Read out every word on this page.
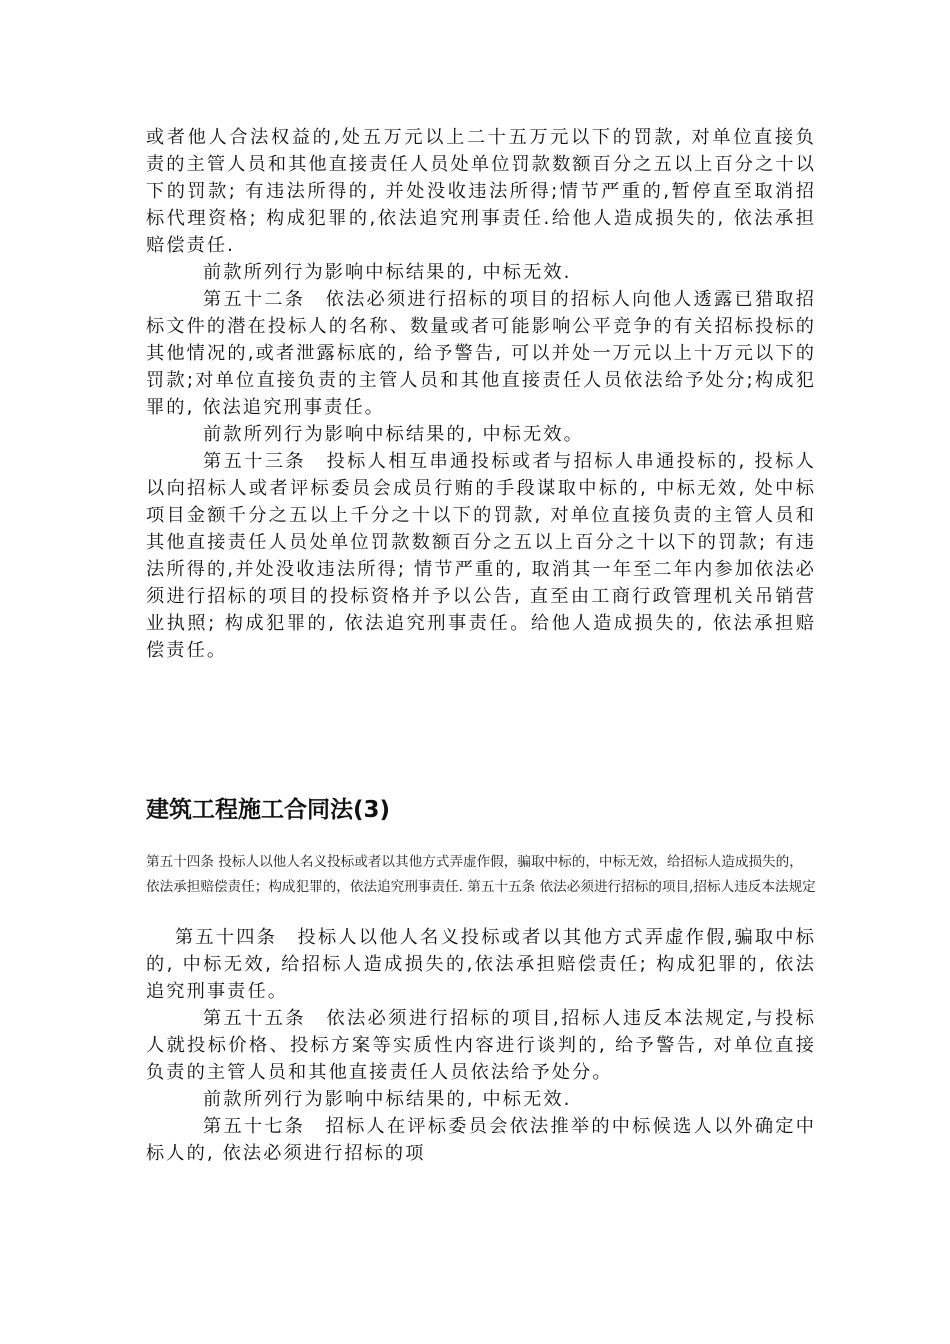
或者他人合法权益的,处五万元以上二十五万元以下的罚款, 对单位直接负责的主管人员和其他直接责任人员处单位罚款数额百分之五以上百分之十以下的罚款; 有违法所得的, 并处没收违法所得;情节严重的,暂停直至取消招标代理资格; 构成犯罪的,依法追究刑事责任.给他人造成损失的, 依法承担赔偿责任.

前款所列行为影响中标结果的, 中标无效.

第五十二条　依法必须进行招标的项目的招标人向他人透露已猎取招标文件的潜在投标人的名称、数量或者可能影响公平竞争的有关招标投标的其他情况的,或者泄露标底的, 给予警告, 可以并处一万元以上十万元以下的罚款;对单位直接负责的主管人员和其他直接责任人员依法给予处分;构成犯罪的, 依法追究刑事责任。

前款所列行为影响中标结果的, 中标无效。

第五十三条　投标人相互串通投标或者与招标人串通投标的, 投标人以向招标人或者评标委员会成员行贿的手段谋取中标的, 中标无效, 处中标项目金额千分之五以上千分之十以下的罚款, 对单位直接负责的主管人员和其他直接责任人员处单位罚款数额百分之五以上百分之十以下的罚款; 有违法所得的,并处没收违法所得; 情节严重的, 取消其一年至二年内参加依法必须进行招标的项目的投标资格并予以公告, 直至由工商行政管理机关吊销营业执照; 构成犯罪的, 依法追究刑事责任。给他人造成损失的, 依法承担赔偿责任。

建筑工程施工合同法(3)

第五十四条 投标人以他人名义投标或者以其他方式弄虚作假，骗取中标的，中标无效，给招标人造成损失的，依法承担赔偿责任；构成犯罪的，依法追究刑事责任. 第五十五条 依法必须进行招标的项目,招标人违反本法规定

第五十四条　投标人以他人名义投标或者以其他方式弄虚作假,骗取中标的, 中标无效, 给招标人造成损失的,依法承担赔偿责任; 构成犯罪的, 依法追究刑事责任。

第五十五条　依法必须进行招标的项目,招标人违反本法规定,与投标人就投标价格、投标方案等实质性内容进行谈判的, 给予警告, 对单位直接负责的主管人员和其他直接责任人员依法给予处分。

前款所列行为影响中标结果的, 中标无效.

第五十七条　招标人在评标委员会依法推举的中标候选人以外确定中标人的, 依法必须进行招标的项
